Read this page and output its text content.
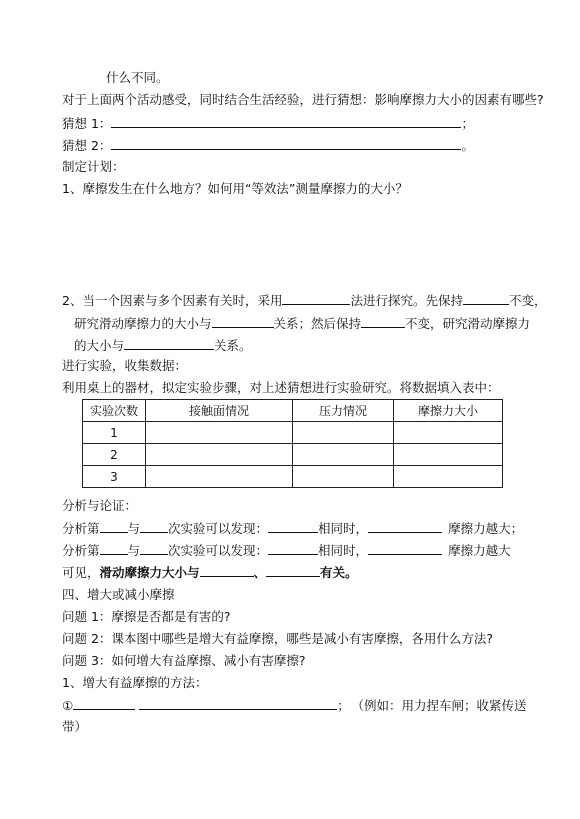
什么不同。
对于上面两个活动感受，同时结合生活经验，进行猜想：影响摩擦力大小的因素有哪些?
猜想 1：	；
猜想 2：	。
制定计划：
1、摩擦发生在什么地方？如何用“等效法”测量摩擦力的大小？
2、当一个因素与多个因素有关时，采用	法进行探究。先保持	不变，
研究滑动摩擦力的大小与	关系；然后保持	不变，研究滑动摩擦力
的大小与	关系。
进行实验，收集数据：
利用桌上的器材，拟定实验步骤，对上述猜想进行实验研究。将数据填入表中：
实验次数	接触面情况	压力情况	摩擦力大小
1			
2			
3			
分析与论证：
分析第 与 次实验可以发现：	相同时，	摩擦力越大；
分析第 与 次实验可以发现：	相同时，	摩擦力越大
可见，滑动摩擦力大小与	、	有关。
四、增大或减小摩擦
问题 1：摩擦是否都是有害的?
问题 2：课本图中哪些是增大有益摩擦，哪些是减小有害摩擦，各用什么方法?
问题 3：如何增大有益摩擦、减小有害摩擦?
1、增大有益摩擦的方法：
①	； （例如：用力捏车闸；收紧传送
带）
